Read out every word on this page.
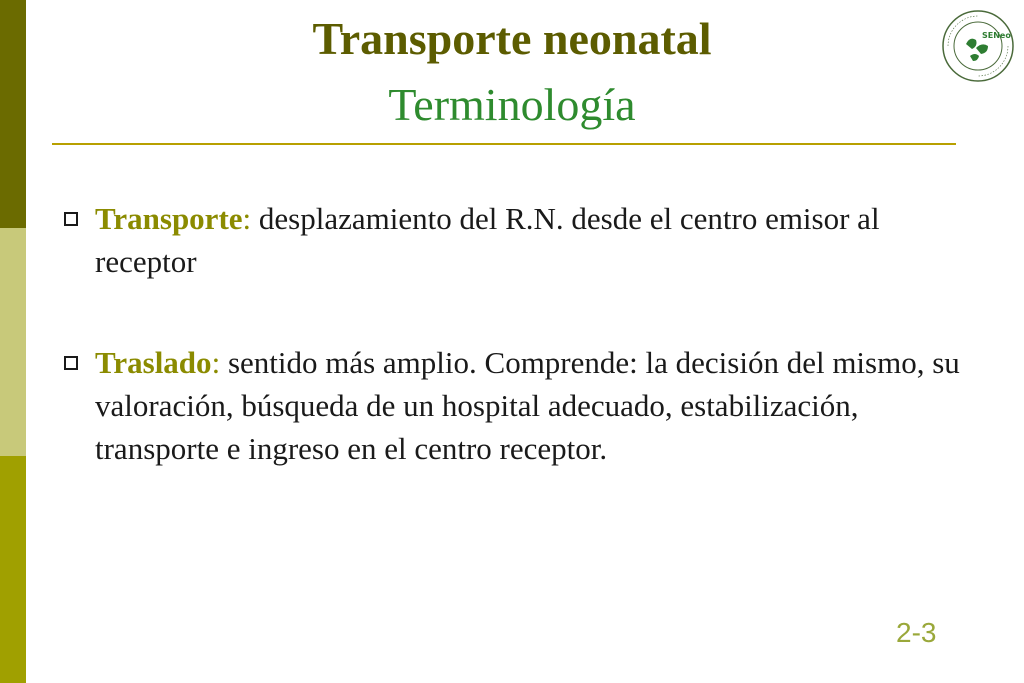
Transporte neonatal
Terminología
SENeo
Transporte: desplazamiento del R.N. desde el centro emisor al receptor
Traslado: sentido más amplio. Comprende: la decisión del mismo, su valoración, búsqueda de un hospital adecuado, estabilización, transporte e ingreso en el centro receptor.
2-3
